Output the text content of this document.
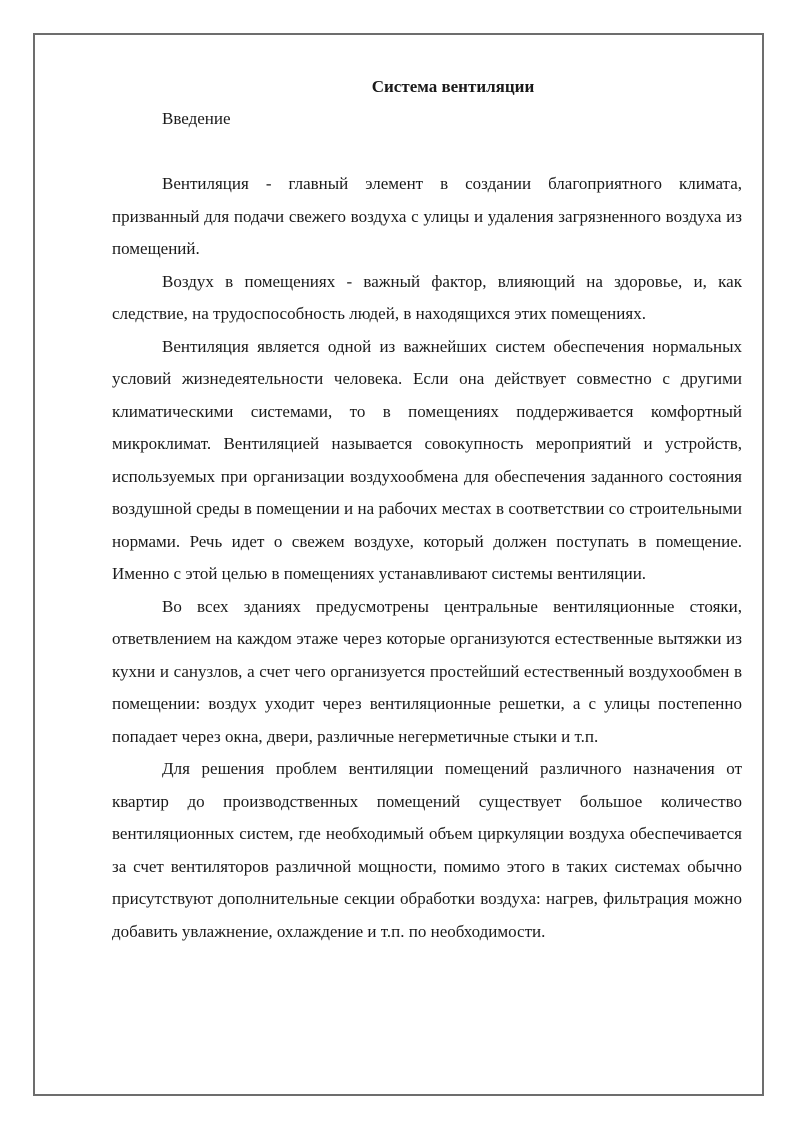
Система вентиляции
Введение

Вентиляция - главный элемент в создании благоприятного климата, призванный для подачи свежего воздуха с улицы и удаления загрязненного воздуха из помещений.

Воздух в помещениях - важный фактор, влияющий на здоровье, и, как следствие, на трудоспособность людей, в находящихся этих помещениях.

Вентиляция является одной из важнейших систем обеспечения нормальных условий жизнедеятельности человека. Если она действует совместно с другими климатическими системами, то в помещениях поддерживается комфортный микроклимат. Вентиляцией называется совокупность мероприятий и устройств, используемых при организации воздухообмена для обеспечения заданного состояния воздушной среды в помещении и на рабочих местах в соответствии со строительными нормами. Речь идет о свежем воздухе, который должен поступать в помещение. Именно с этой целью в помещениях устанавливают системы вентиляции.

Во всех зданиях предусмотрены центральные вентиляционные стояки, ответвлением на каждом этаже через которые организуются естественные вытяжки из кухни и санузлов, а счет чего организуется простейший естественный воздухообмен в помещении: воздух уходит через вентиляционные решетки, а с улицы постепенно попадает через окна, двери, различные негерметичные стыки и т.п.

Для решения проблем вентиляции помещений различного назначения от квартир до производственных помещений существует большое количество вентиляционных систем, где необходимый объем циркуляции воздуха обеспечивается за счет вентиляторов различной мощности, помимо этого в таких системах обычно присутствуют дополнительные секции обработки воздуха: нагрев, фильтрация можно добавить увлажнение, охлаждение и т.п. по необходимости.
